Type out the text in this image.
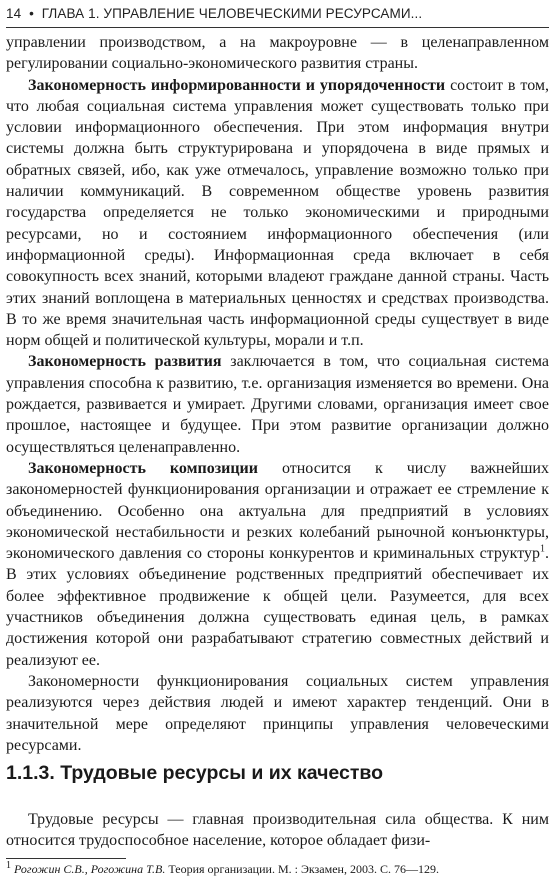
14 • ГЛАВА 1. УПРАВЛЕНИЕ ЧЕЛОВЕЧЕСКИМИ РЕСУРСАМИ...

управлении производством, а на макроуровне — в целенаправленном регулировании социально-экономического развития страны.

Закономерность информированности и упорядоченности состоит в том, что любая социальная система управления может существовать только при условии информационного обеспечения. При этом информация внутри системы должна быть структурирована и упорядочена в виде прямых и обратных связей, ибо, как уже отмечалось, управление возможно только при наличии коммуникаций. В современном обществе уровень развития государства определяется не только экономическими и природными ресурсами, но и состоянием информационного обеспечения (или информационной среды). Информационная среда включает в себя совокупность всех знаний, которыми владеют граждане данной страны. Часть этих знаний воплощена в материальных ценностях и средствах производства. В то же время значительная часть информационной среды существует в виде норм общей и политической культуры, морали и т.п.

Закономерность развития заключается в том, что социальная система управления способна к развитию, т.е. организация изменяется во времени. Она рождается, развивается и умирает. Другими словами, организация имеет свое прошлое, настоящее и будущее. При этом развитие организации должно осуществляться целенаправленно.

Закономерность композиции относится к числу важнейших закономерностей функционирования организации и отражает ее стремление к объединению. Особенно она актуальна для предприятий в условиях экономической нестабильности и резких колебаний рыночной конъюнктуры, экономического давления со стороны конкурентов и криминальных структур$^1$. В этих условиях объединение родственных предприятий обеспечивает их более эффективное продвижение к общей цели. Разумеется, для всех участников объединения должна существовать единая цель, в рамках достижения которой они разрабатывают стратегию совместных действий и реализуют ее.

Закономерности функционирования социальных систем управления реализуются через действия людей и имеют характер тенденций. Они в значительной мере определяют принципы управления человеческими ресурсами.

1.1.3. Трудовые ресурсы и их качество

Трудовые ресурсы — главная производительная сила общества. К ним относится трудоспособное население, которое обладает физи-

$^1$ Рогожин С.В., Рогожина Т.В. Теория организации. М. : Экзамен, 2003. С. 76—129.
